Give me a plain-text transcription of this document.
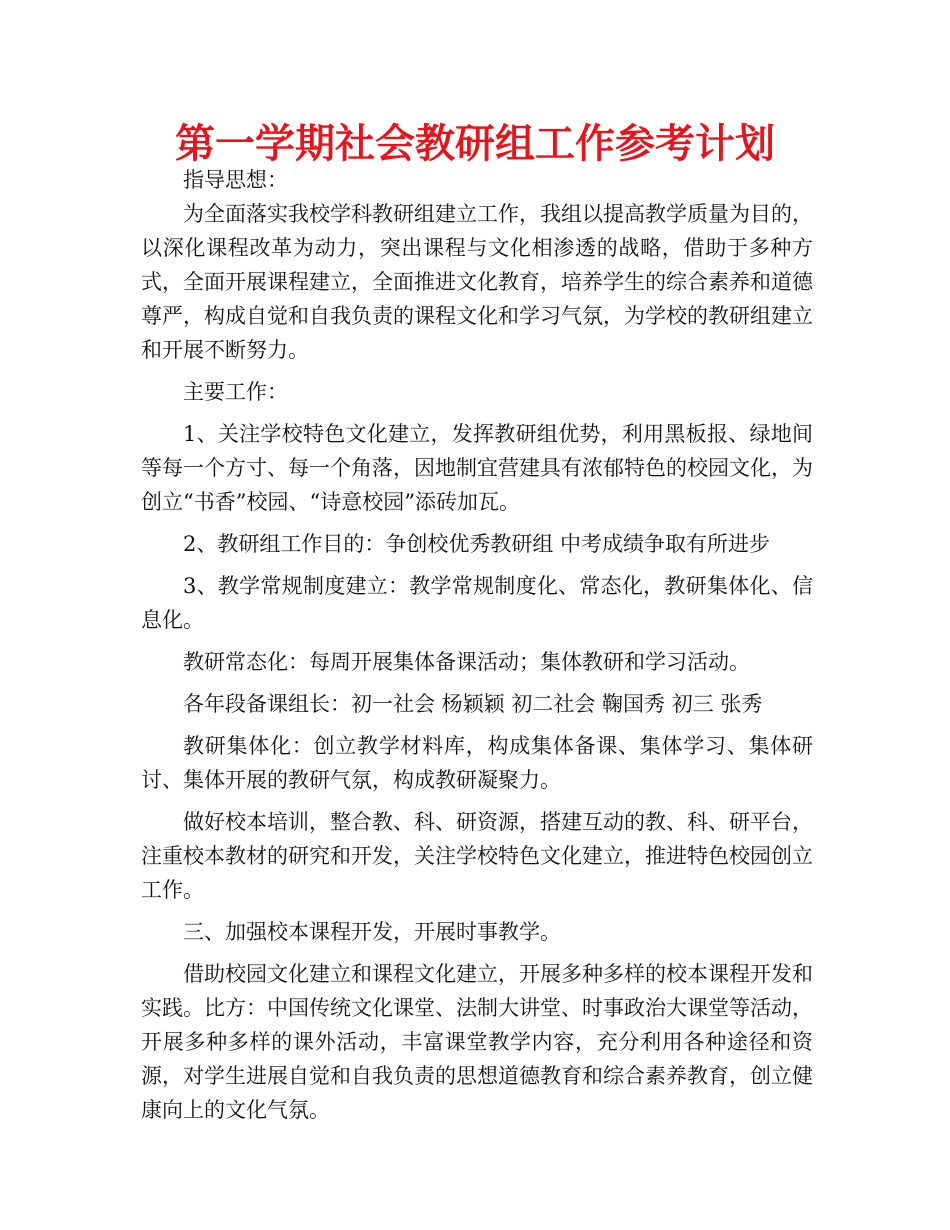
第一学期社会教研组工作参考计划

指导思想：

为全面落实我校学科教研组建立工作，我组以提高教学质量为目的，以深化课程改革为动力，突出课程与文化相渗透的战略，借助于多种方式，全面开展课程建立，全面推进文化教育，培养学生的综合素养和道德尊严，构成自觉和自我负责的课程文化和学习气氛，为学校的教研组建立和开展不断努力。

主要工作：

1、关注学校特色文化建立，发挥教研组优势，利用黑板报、绿地间等每一个方寸、每一个角落，因地制宜营建具有浓郁特色的校园文化，为创立“书香”校园、“诗意校园”添砖加瓦。

2、教研组工作目的：争创校优秀教研组 中考成绩争取有所进步

3、教学常规制度建立：教学常规制度化、常态化，教研集体化、信息化。

教研常态化：每周开展集体备课活动；集体教研和学习活动。

各年段备课组长：初一社会 杨颖颖 初二社会 鞠国秀 初三 张秀

教研集体化：创立教学材料库，构成集体备课、集体学习、集体研讨、集体开展的教研气氛，构成教研凝聚力。

做好校本培训，整合教、科、研资源，搭建互动的教、科、研平台，注重校本教材的研究和开发，关注学校特色文化建立，推进特色校园创立工作。

三、加强校本课程开发，开展时事教学。

借助校园文化建立和课程文化建立，开展多种多样的校本课程开发和实践。比方：中国传统文化课堂、法制大讲堂、时事政治大课堂等活动，开展多种多样的课外活动，丰富课堂教学内容，充分利用各种途径和资源，对学生进展自觉和自我负责的思想道德教育和综合素养教育，创立健康向上的文化气氛。
